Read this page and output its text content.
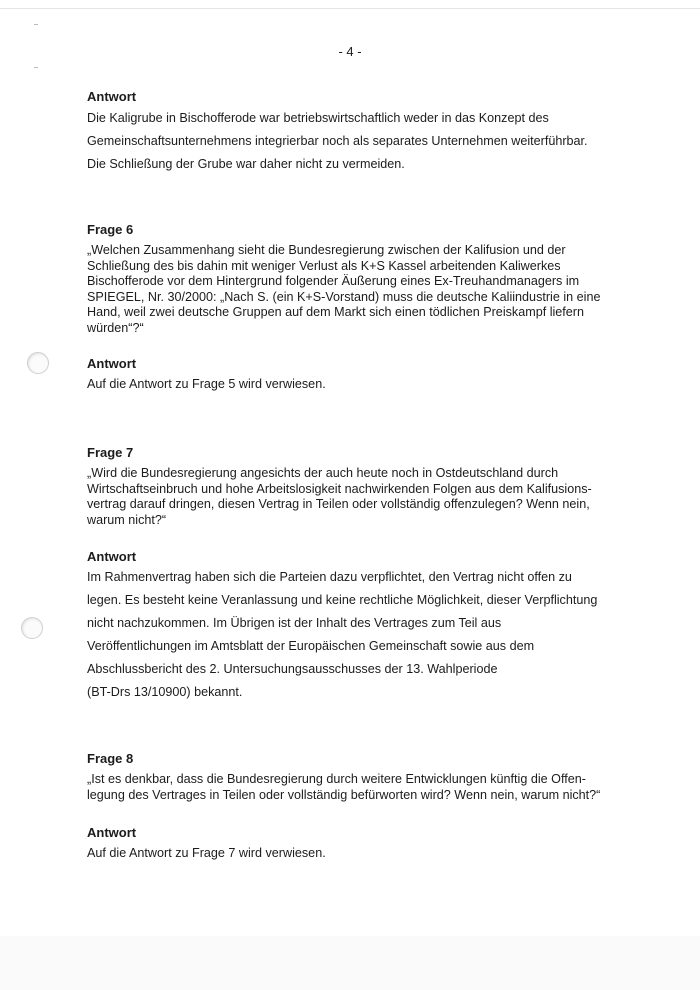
- 4 -

Antwort

Die Kaligrube in Bischofferode war betriebswirtschaftlich weder in das Konzept des
Gemeinschaftsunternehmens integrierbar noch als separates Unternehmen weiterführbar.
Die Schließung der Grube war daher nicht zu vermeiden.

Frage 6

„Welchen Zusammenhang sieht die Bundesregierung zwischen der Kalifusion und der
Schließung des bis dahin mit weniger Verlust als K+S Kassel arbeitenden Kaliwerkes
Bischofferode vor dem Hintergrund folgender Äußerung eines Ex-Treuhandmanagers im
SPIEGEL, Nr. 30/2000: „Nach S. (ein K+S-Vorstand) muss die deutsche Kaliindustrie in eine
Hand, weil zwei deutsche Gruppen auf dem Markt sich einen tödlichen Preiskampf liefern
würden“?“

Antwort

Auf die Antwort zu Frage 5 wird verwiesen.

Frage 7

„Wird die Bundesregierung angesichts der auch heute noch in Ostdeutschland durch
Wirtschaftseinbruch und hohe Arbeitslosigkeit nachwirkenden Folgen aus dem Kalifusions-
vertrag darauf dringen, diesen Vertrag in Teilen oder vollständig offenzulegen? Wenn nein,
warum nicht?“

Antwort

Im Rahmenvertrag haben sich die Parteien dazu verpflichtet, den Vertrag nicht offen zu
legen. Es besteht keine Veranlassung und keine rechtliche Möglichkeit, dieser Verpflichtung
nicht nachzukommen. Im Übrigen ist der Inhalt des Vertrages zum Teil aus
Veröffentlichungen im Amtsblatt der Europäischen Gemeinschaft sowie aus dem
Abschlussbericht des 2. Untersuchungsausschusses der 13. Wahlperiode
(BT-Drs 13/10900) bekannt.

Frage 8

„Ist es denkbar, dass die Bundesregierung durch weitere Entwicklungen künftig die Offen-
legung des Vertrages in Teilen oder vollständig befürworten wird? Wenn nein, warum nicht?“

Antwort

Auf die Antwort zu Frage 7 wird verwiesen.
